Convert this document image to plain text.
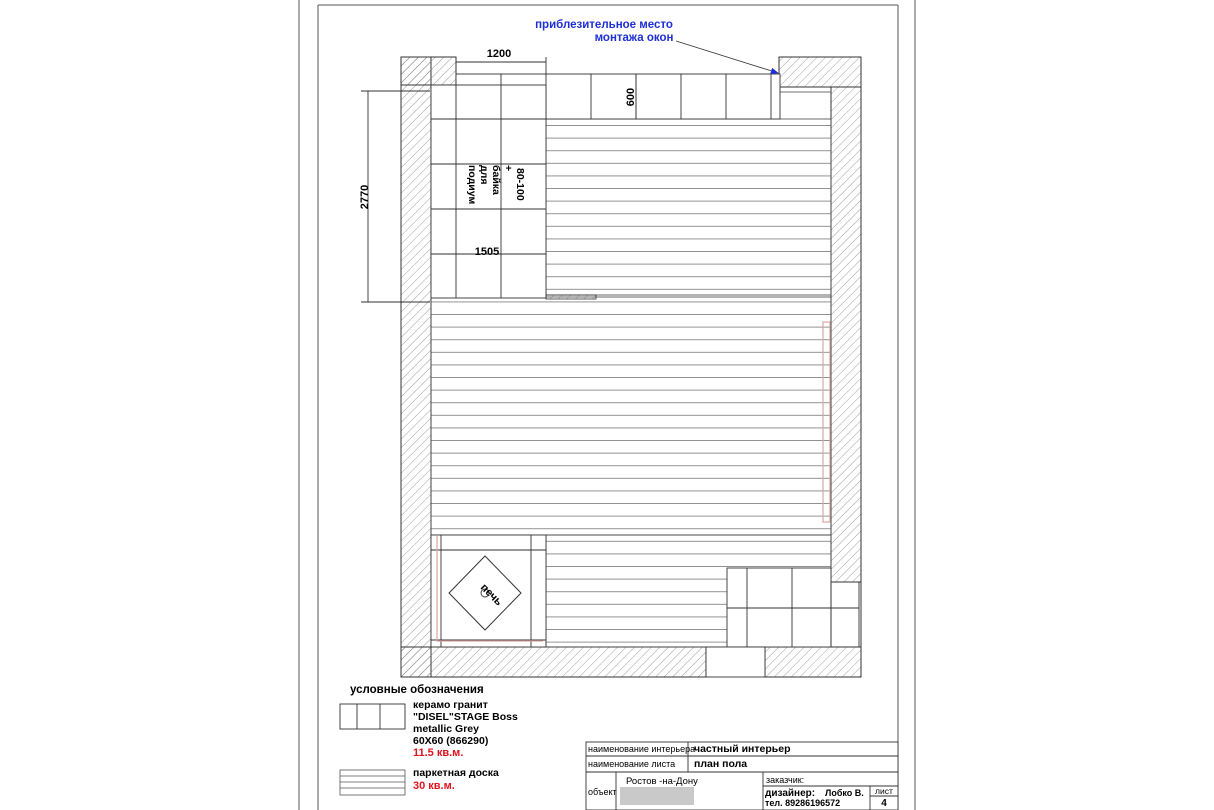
печь
1200
600
2770
1505
подиум для байка + 80-100
приблезительное место
монтажа окон
условные обозначения
керамо гранит
"DISEL"STAGE Boss
metallic Grey
60X60 (866290)
11.5 кв.м.
паркетная доска
30 кв.м.
наименование интерьера
частный интерьер
наименование листа план пола
объект
Ростов -на-Дону	заказчик:
дизайнер: Лобко В.
тел. 89286196572
лист
4
